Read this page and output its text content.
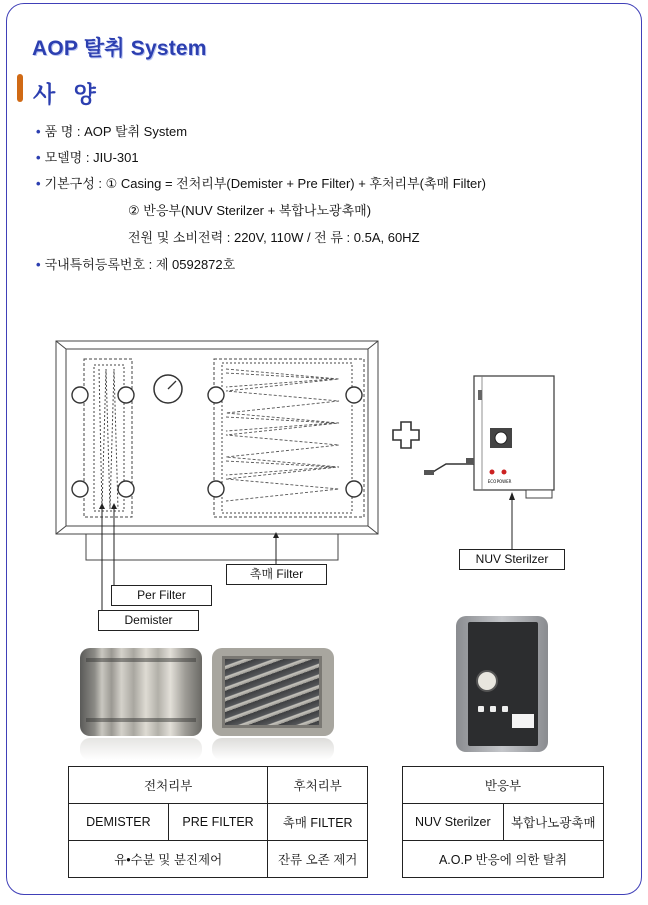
AOP 탈취 System
사 양
• 품 명 : AOP 탈취 System
• 모델명 : JIU-301
• 기본구성 : ① Casing = 전처리부(Demister + Pre Filter) + 후처리부(촉매 Filter)
② 반응부(NUV Sterilzer + 복합나노광촉매)
전원 및 소비전력 : 220V, 110W / 전 류 : 0.5A, 60HZ
• 국내특허등록번호 : 제 0592872호
촉매 Filter
Per Filter
Demister
ECO POWER
NUV Sterilzer
전처리부		후처리부
DEMISTER	PRE FILTER	촉매 FILTER
유•수분 및 분진제어		잔류 오존 제거
반응부
NUV Sterilzer	복합나노광촉매
A.O.P 반응에 의한 탈취
